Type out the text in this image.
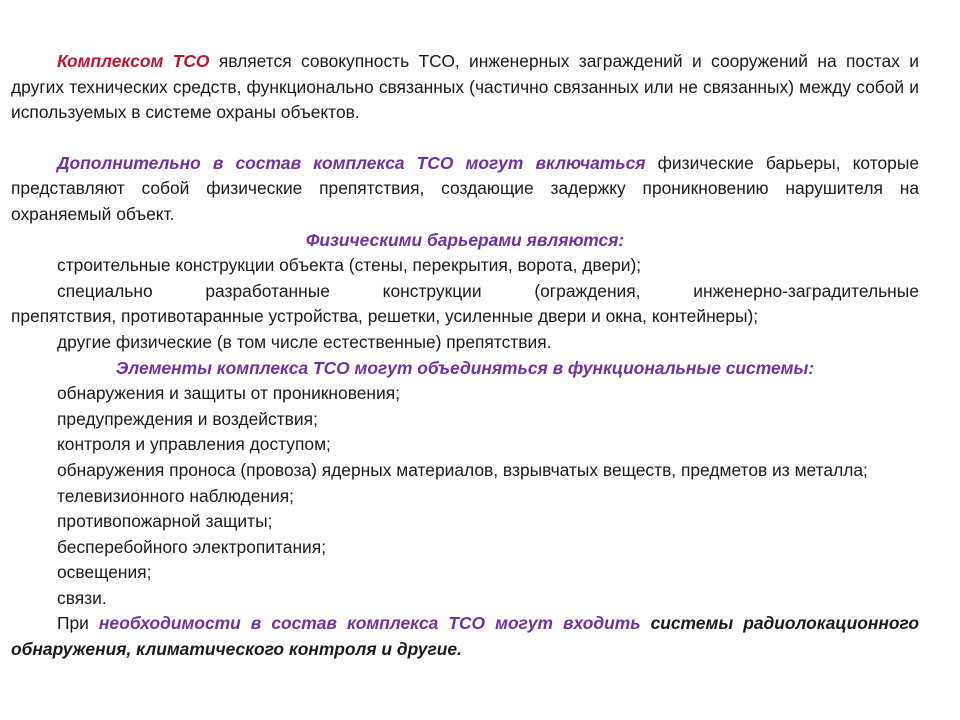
Комплексом ТСО является совокупность ТСО, инженерных заграждений и сооружений на постах и других технических средств, функционально связанных (частично связанных или не связанных) между собой и используемых в системе охраны объектов.

Дополнительно в состав комплекса ТСО могут включаться физические барьеры, которые представляют собой физические препятствия, создающие задержку проникновению нарушителя на охраняемый объект.

Физическими барьерами являются:

строительные конструкции объекта (стены, перекрытия, ворота, двери);

специально	разработанные	конструкции	(ограждения,	инженерно-заградительные

препятствия, противотаранные устройства, решетки, усиленные двери и окна, контейнеры);

другие физические (в том числе естественные) препятствия.

Элементы комплекса ТСО могут объединяться в функциональные системы:

обнаружения и защиты от проникновения;

предупреждения и воздействия;

контроля и управления доступом;

обнаружения проноса (провоза) ядерных материалов, взрывчатых веществ, предметов из металла;

телевизионного наблюдения;

противопожарной защиты;

бесперебойного электропитания;

освещения;

связи.

При необходимости в состав комплекса ТСО могут входить системы радиолокационного обнаружения, климатического контроля и другие.
